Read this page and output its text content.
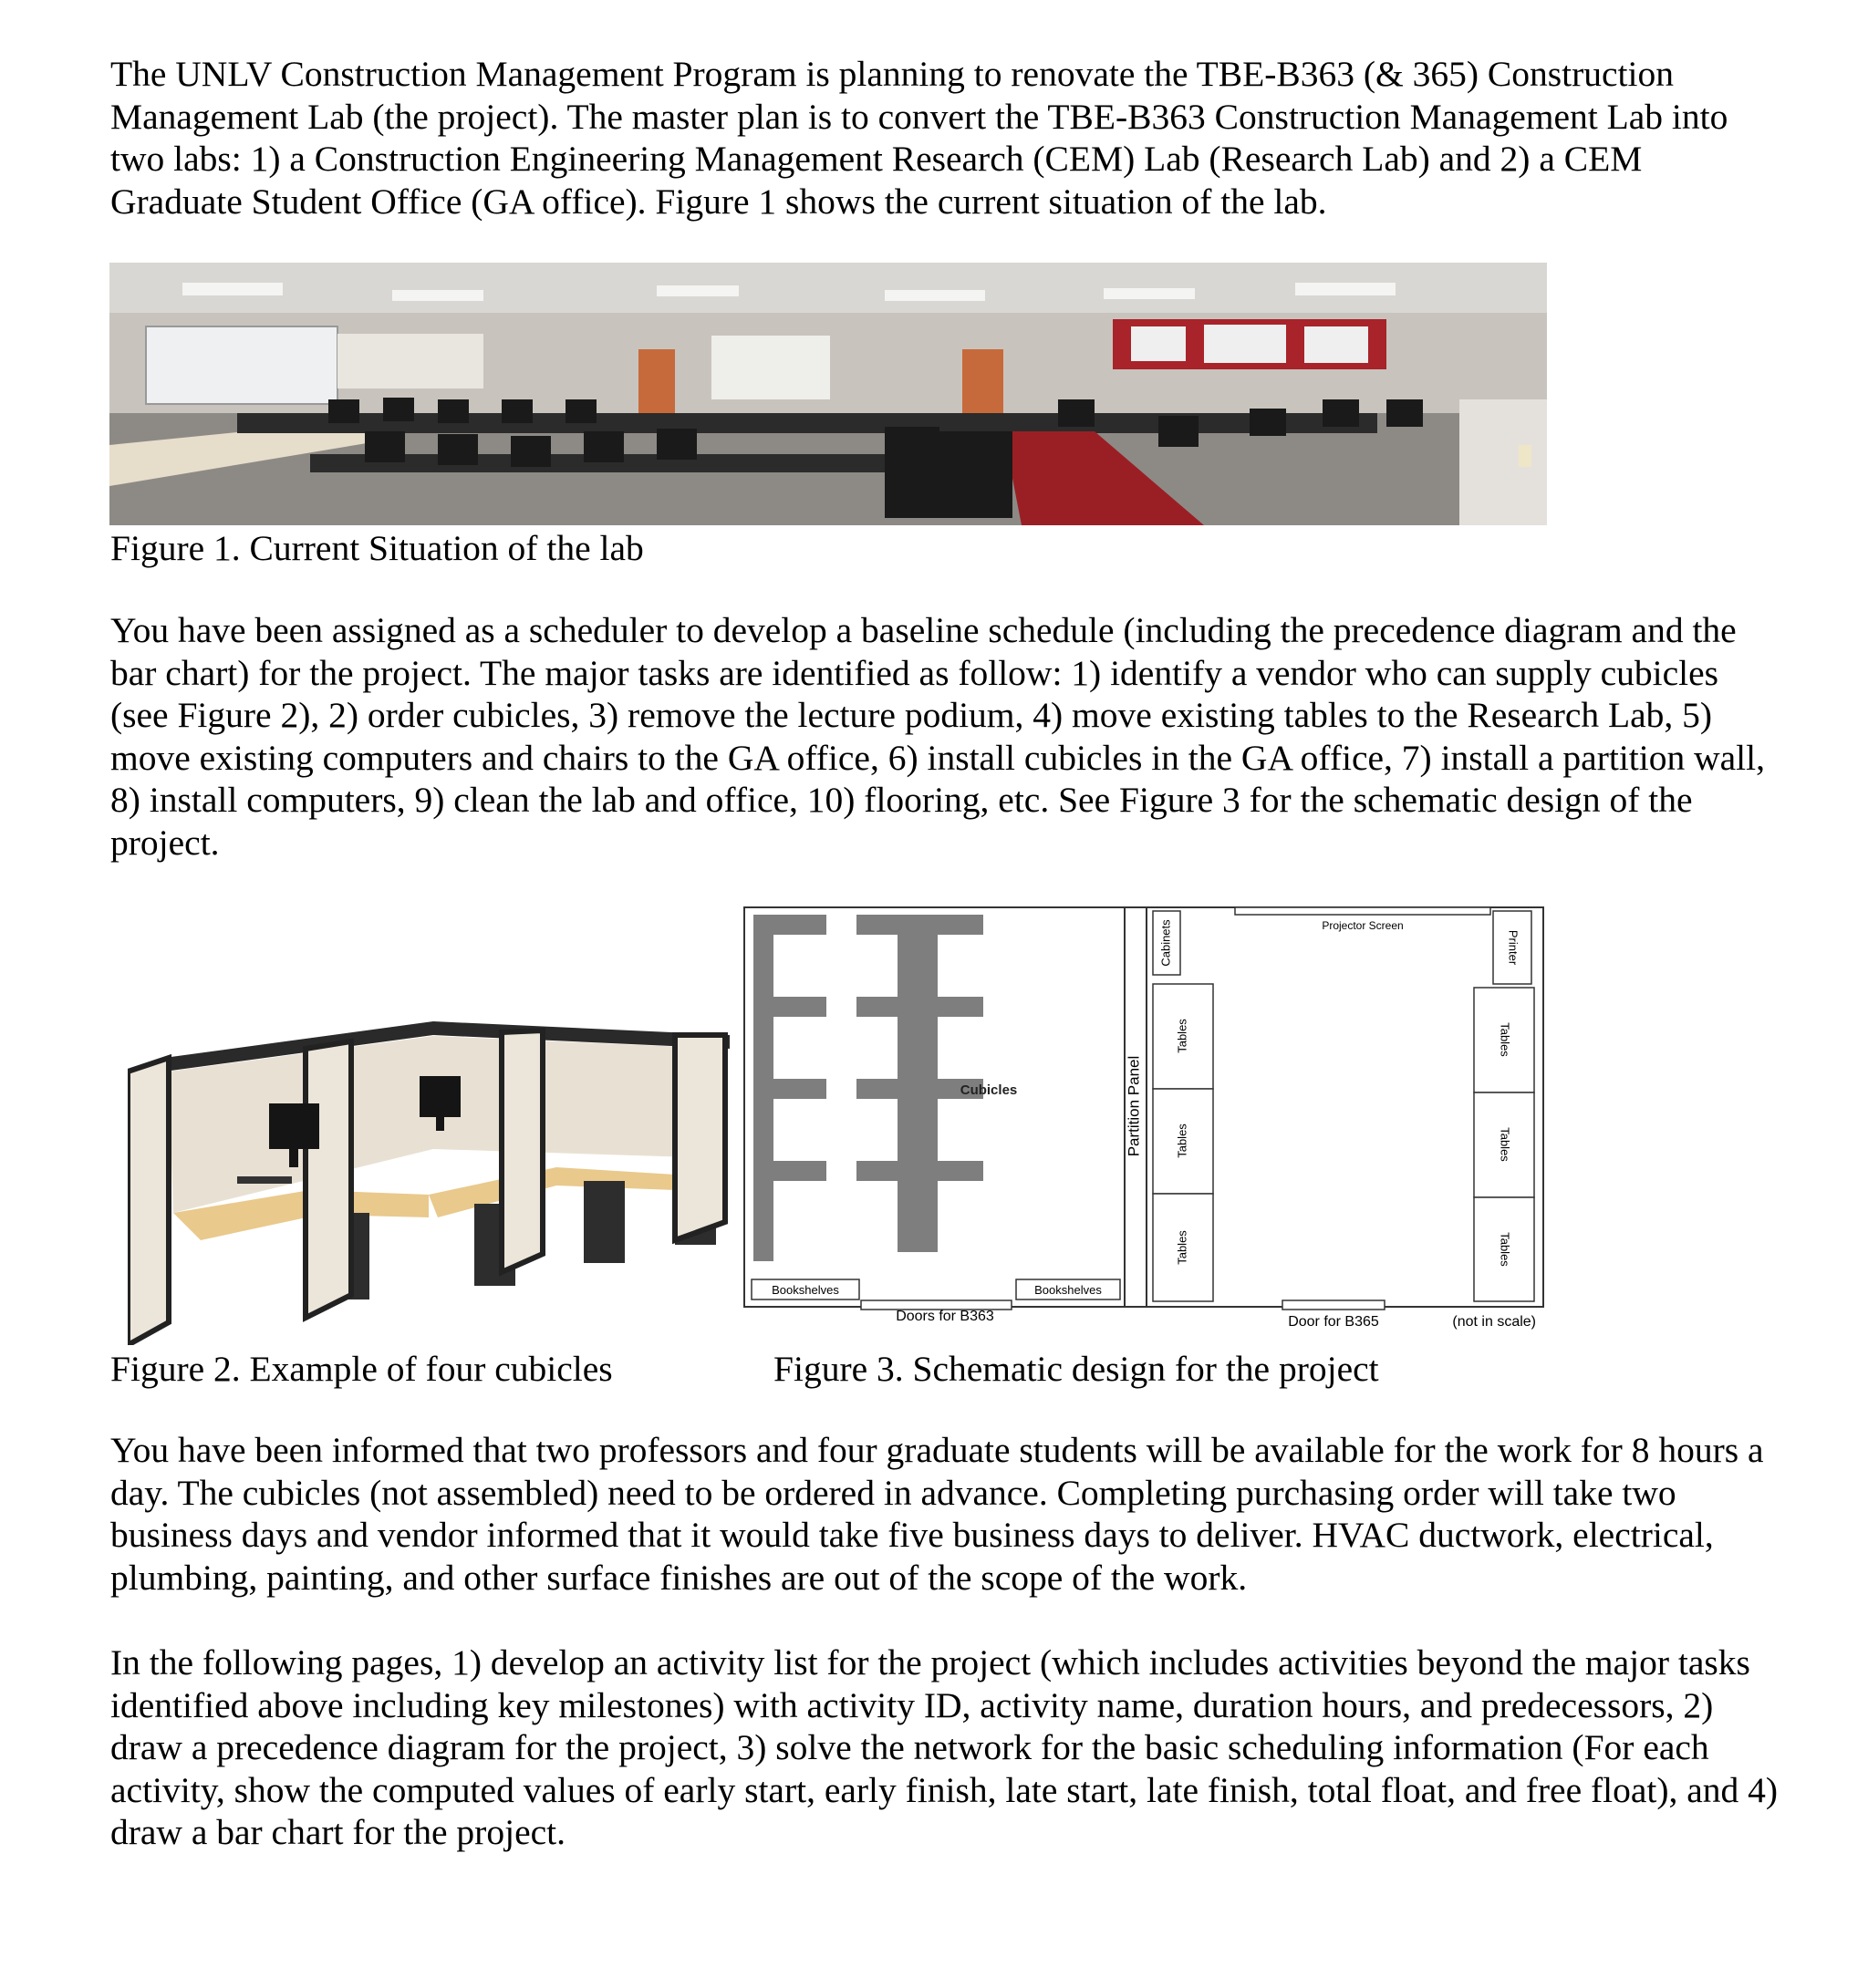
The UNLV Construction Management Program is planning to renovate the TBE-B363 (& 365) Construction Management Lab (the project). The master plan is to convert the TBE-B363 Construction Management Lab into two labs: 1) a Construction Engineering Management Research (CEM) Lab (Research Lab) and 2) a CEM Graduate Student Office (GA office). Figure 1 shows the current situation of the lab.

Figure 1. Current Situation of the lab

You have been assigned as a scheduler to develop a baseline schedule (including the precedence diagram and the bar chart) for the project. The major tasks are identified as follow: 1) identify a vendor who can supply cubicles (see Figure 2), 2) order cubicles, 3) remove the lecture podium, 4) move existing tables to the Research Lab, 5) move existing computers and chairs to the GA office, 6) install cubicles in the GA office, 7) install a partition wall, 8) install computers, 9) clean the lab and office, 10) flooring, etc. See Figure 3 for the schematic design of the project.

Partition Panel
Cubicles
Bookshelves	Bookshelves
Doors for B363
Projector Screen
Cabinets	Printer
Tables
Tables
Tables
Tables
Tables
Tables
Door for B365	(not in scale)

Figure 2. Example of four cubicles	Figure 3. Schematic design for the project

You have been informed that two professors and four graduate students will be available for the work for 8 hours a day. The cubicles (not assembled) need to be ordered in advance. Completing purchasing order will take two business days and vendor informed that it would take five business days to deliver. HVAC ductwork, electrical, plumbing, painting, and other surface finishes are out of the scope of the work.

In the following pages, 1) develop an activity list for the project (which includes activities beyond the major tasks identified above including key milestones) with activity ID, activity name, duration hours, and predecessors, 2) draw a precedence diagram for the project, 3) solve the network for the basic scheduling information (For each activity, show the computed values of early start, early finish, late start, late finish, total float, and free float), and 4) draw a bar chart for the project.
